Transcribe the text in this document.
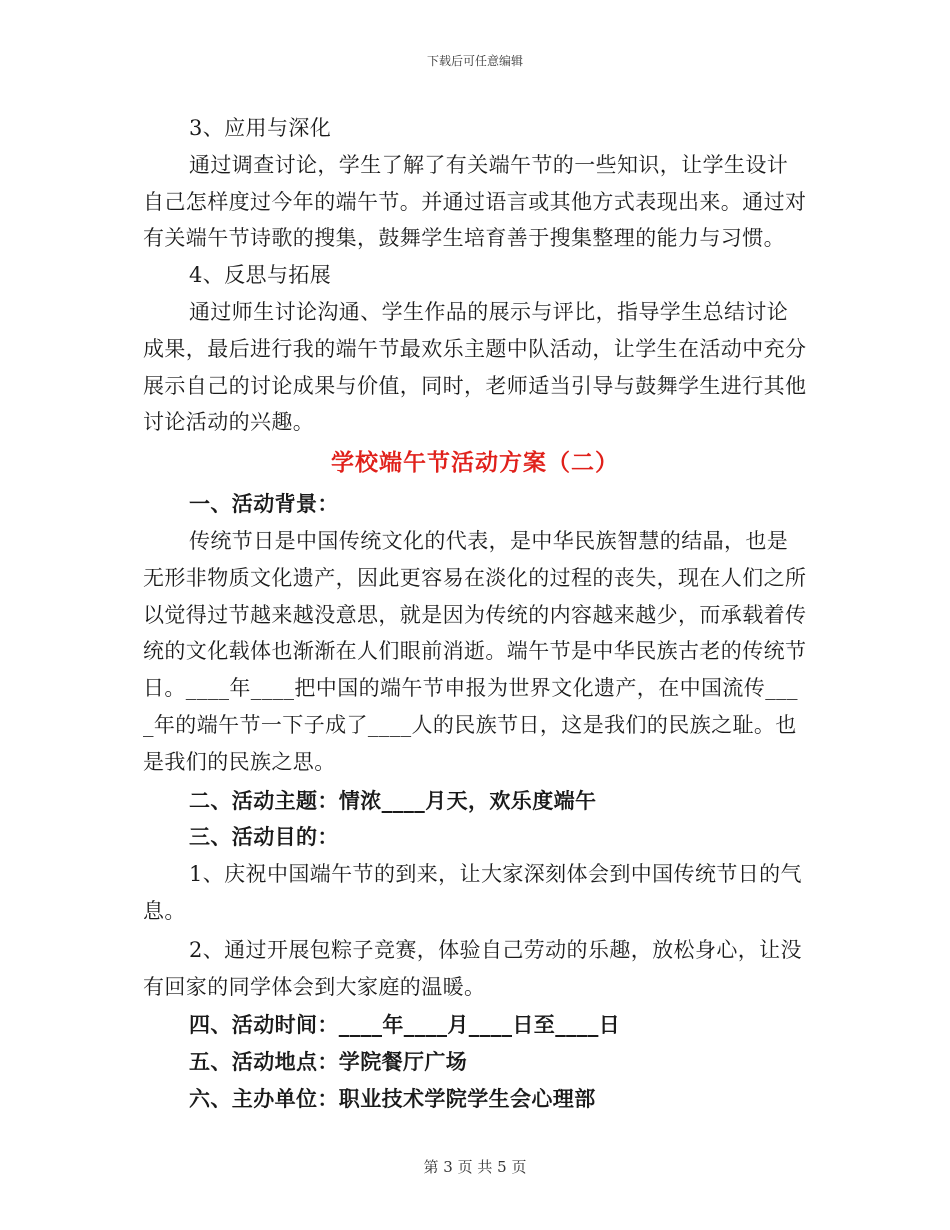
下载后可任意编辑

3、应用与深化

通过调查讨论，学生了解了有关端午节的一些知识，让学生设计自己怎样度过今年的端午节。并通过语言或其他方式表现出来。通过对有关端午节诗歌的搜集，鼓舞学生培育善于搜集整理的能力与习惯。

4、反思与拓展

通过师生讨论沟通、学生作品的展示与评比，指导学生总结讨论成果，最后进行我的端午节最欢乐主题中队活动，让学生在活动中充分展示自己的讨论成果与价值，同时，老师适当引导与鼓舞学生进行其他讨论活动的兴趣。

学校端午节活动方案（二）

一、活动背景：

传统节日是中国传统文化的代表，是中华民族智慧的结晶，也是无形非物质文化遗产，因此更容易在淡化的过程的丧失，现在人们之所以觉得过节越来越没意思，就是因为传统的内容越来越少，而承载着传统的文化载体也渐渐在人们眼前消逝。端午节是中华民族古老的传统节日。____年____把中国的端午节申报为世界文化遗产，在中国流传____年的端午节一下子成了____人的民族节日，这是我们的民族之耻。也是我们的民族之思。

二、活动主题：情浓____月天，欢乐度端午

三、活动目的：

1、庆祝中国端午节的到来，让大家深刻体会到中国传统节日的气息。

2、通过开展包粽子竞赛，体验自己劳动的乐趣，放松身心，让没有回家的同学体会到大家庭的温暖。

四、活动时间：____年____月____日至____日

五、活动地点：学院餐厅广场

六、主办单位：职业技术学院学生会心理部

第 3 页 共 5 页
